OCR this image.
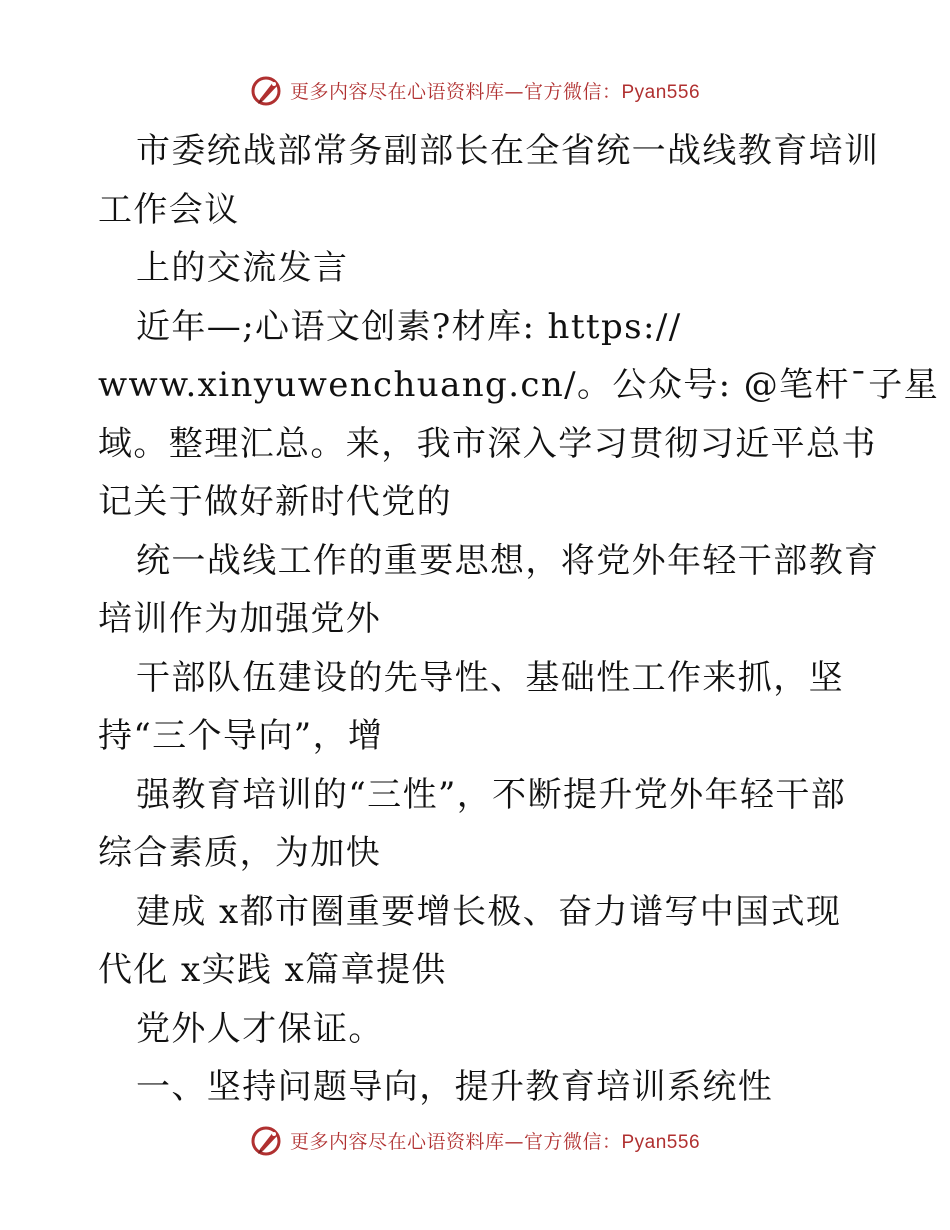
更多内容尽在心语资料库—官方微信：Pyan556
市委统战部常务副部长在全省统一战线教育培训
工作会议
上的交流发言
近年—;心语文创素?材库: https://
www.xinyuwenchuang.cn/。公众号: @笔杆¯子星
域。整理汇总。来，我市深入学习贯彻习近平总书
记关于做好新时代党的
统一战线工作的重要思想，将党外年轻干部教育
培训作为加强党外
干部队伍建设的先导性、基础性工作来抓，坚
持“三个导向”，增
强教育培训的“三性”，不断提升党外年轻干部
综合素质，为加快
建成 x都市圈重要增长极、奋力谱写中国式现
代化 x实践 x篇章提供
党外人才保证。
一、坚持问题导向，提升教育培训系统性
更多内容尽在心语资料库—官方微信：Pyan556
